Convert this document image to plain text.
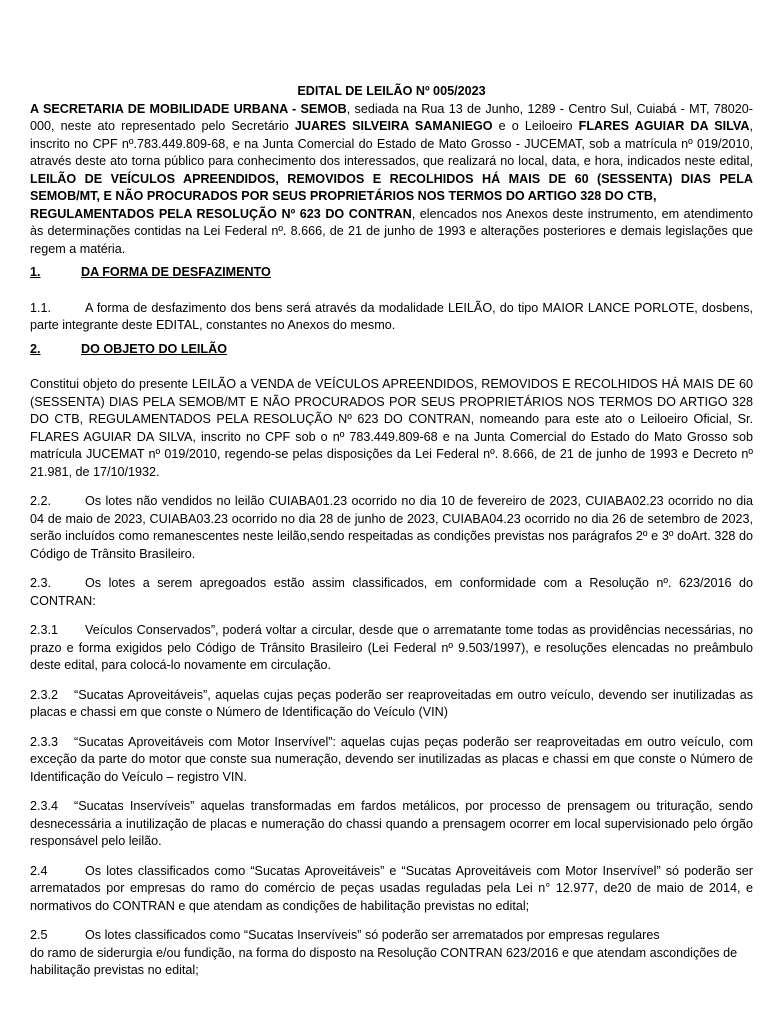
EDITAL DE LEILÃO Nº 005/2023

A SECRETARIA DE MOBILIDADE URBANA - SEMOB, sediada na Rua 13 de Junho, 1289 - Centro Sul, Cuiabá - MT, 78020- 000, neste ato representado pelo Secretário JUARES SILVEIRA SAMANIEGO e o Leiloeiro FLARES AGUIAR DA SILVA, inscrito no CPF nº.783.449.809-68, e na Junta Comercial do Estado de Mato Grosso - JUCEMAT, sob a matrícula nº 019/2010, através deste ato torna público para conhecimento dos interessados, que realizará no local, data, e hora, indicados neste edital, LEILÃO DE VEÍCULOS APREENDIDOS, REMOVIDOS E RECOLHIDOS HÁ MAIS DE 60 (SESSENTA) DIAS PELA SEMOB/MT, E NÃO PROCURADOS POR SEUS PROPRIETÁRIOS NOS TERMOS DO ARTIGO 328 DO CTB,
REGULAMENTADOS PELA RESOLUÇÃO Nº 623 DO CONTRAN, elencados nos Anexos deste instrumento, em atendimento às determinações contidas na Lei Federal nº. 8.666, de 21 de junho de 1993 e alterações posteriores e demais legislações que regem a matéria.

1.	DA FORMA DE DESFAZIMENTO

1.1.	A forma de desfazimento dos bens será através da modalidade LEILÃO, do tipo MAIOR LANCE PORLOTE, dosbens, parte integrante deste EDITAL, constantes no Anexos do mesmo.

2.	DO OBJETO DO LEILÃO

Constitui objeto do presente LEILÃO a VENDA de VEÍCULOS APREENDIDOS, REMOVIDOS E RECOLHIDOS HÁ MAIS DE 60 (SESSENTA) DIAS PELA SEMOB/MT E NÃO PROCURADOS POR SEUS PROPRIETÁRIOS NOS TERMOS DO ARTIGO 328 DO CTB, REGULAMENTADOS PELA RESOLUÇÃO Nº 623 DO CONTRAN, nomeando para este ato o Leiloeiro Oficial, Sr. FLARES AGUIAR DA SILVA, inscrito no CPF sob o nº 783.449.809-68 e na Junta Comercial do Estado do Mato Grosso sob matrícula JUCEMAT nº 019/2010, regendo-se pelas disposições da Lei Federal nº. 8.666, de 21 de junho de 1993 e Decreto nº 21.981, de 17/10/1932.

2.2.	Os lotes não vendidos no leilão CUIABA01.23 ocorrido no dia 10 de fevereiro de 2023, CUIABA02.23 ocorrido no dia 04 de maio de 2023, CUIABA03.23 ocorrido no dia 28 de junho de 2023, CUIABA04.23 ocorrido no dia 26 de setembro de 2023, serão incluídos como remanescentes neste leilão,sendo respeitadas as condições previstas nos parágrafos 2º e 3º doArt. 328 do Código de Trânsito Brasileiro.

2.3.	Os lotes a serem apregoados estão assim classificados, em conformidade com a Resolução nº. 623/2016 do CONTRAN:

2.3.1 Veículos Conservados”, poderá voltar a circular, desde que o arrematante tome todas as providências necessárias, no prazo e forma exigidos pelo Código de Trânsito Brasileiro (Lei Federal nº 9.503/1997), e resoluções elencadas no preâmbulo deste edital, para colocá-lo novamente em circulação.

2.3.2 “Sucatas Aproveitáveis”, aquelas cujas peças poderão ser reaproveitadas em outro veículo, devendo ser inutilizadas as placas e chassi em que conste o Número de Identificação do Veículo (VIN)

2.3.3 “Sucatas Aproveitáveis com Motor Inservível”: aquelas cujas peças poderão ser reaproveitadas em outro veículo, com exceção da parte do motor que conste sua numeração, devendo ser inutilizadas as placas e chassi em que conste o Número de Identificação do Veículo – registro VIN.

2.3.4 “Sucatas Inservíveis” aquelas transformadas em fardos metálicos, por processo de prensagem ou trituração, sendo desnecessária a inutilização de placas e numeração do chassi quando a prensagem ocorrer em local supervisionado pelo órgão responsável pelo leilão.

2.4	Os lotes classificados como “Sucatas Aproveitáveis” e “Sucatas Aproveitáveis com Motor Inservível” só poderão ser arrematados por empresas do ramo do comércio de peças usadas reguladas pela Lei n° 12.977, de20 de maio de 2014, e normativos do CONTRAN e que atendam as condições de habilitação previstas no edital;

2.5	Os lotes classificados como “Sucatas Inservíveis” só poderão ser arrematados por empresas regulares
do ramo de siderurgia e/ou fundição, na forma do disposto na Resolução CONTRAN 623/2016 e que atendam ascondições de habilitação previstas no edital;
